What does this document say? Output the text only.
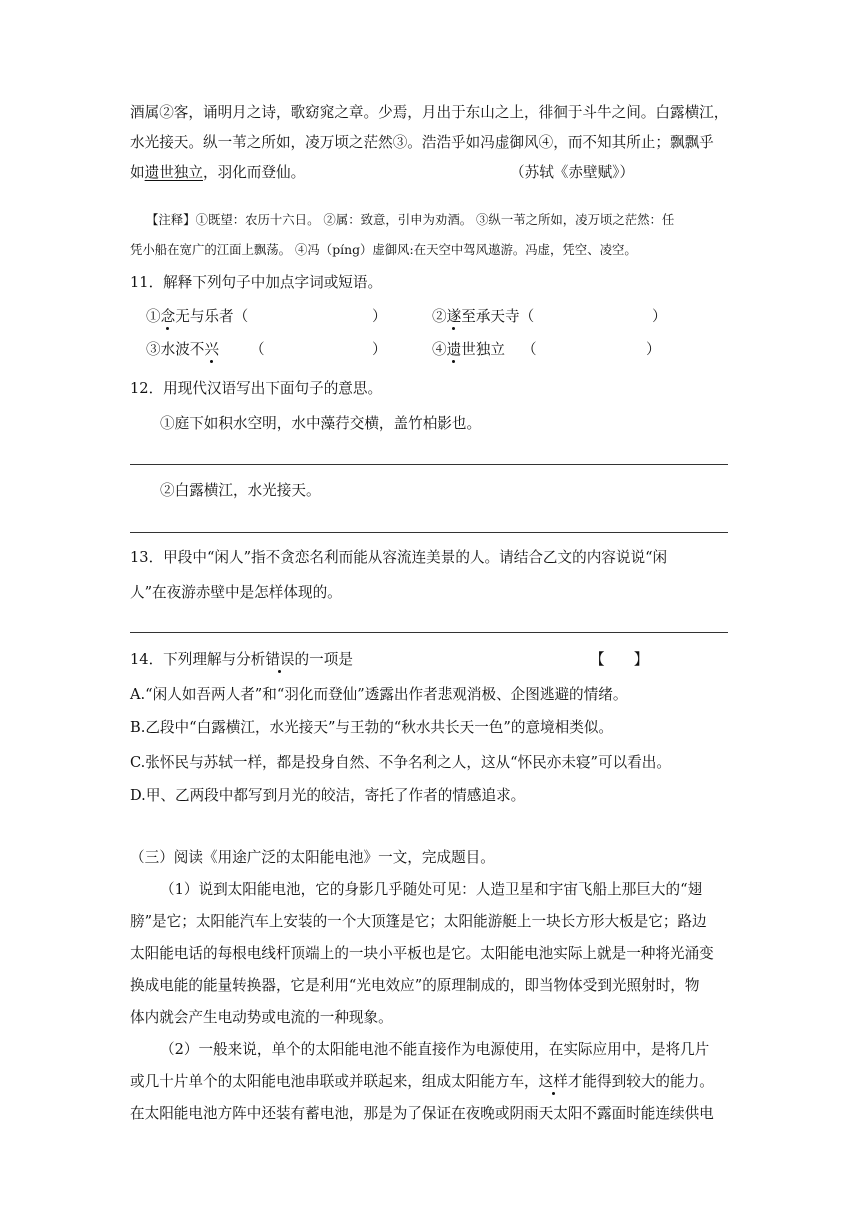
酒属②客，诵明月之诗，歌窈窕之章。少焉，月出于东山之上，徘徊于斗牛之间。白露横江，
水光接天。纵一苇之所如，凌万顷之茫然③。浩浩乎如冯虚御风④，而不知其所止；飘飘乎
如遗世独立，羽化而登仙。	（苏轼《赤壁赋》）
【注释】①既望：农历十六日。 ②属：致意，引申为劝酒。 ③纵一苇之所如，凌万顷之茫然：任
凭小船在宽广的江面上飘荡。 ④冯（píng）虚御风:在天空中驾风遨游。冯虚，凭空、凌空。
11．解释下列句子中加点字词或短语。
①念无与乐者（	）	②遂至承天寺（	）
③水波不兴 （	）	④遗世独立 （	）
12．用现代汉语写出下面句子的意思。
①庭下如积水空明，水中藻荇交横，盖竹柏影也。
②白露横江，水光接天。
13．甲段中“闲人”指不贪恋名利而能从容流连美景的人。请结合乙文的内容说说“闲
人”在夜游赤壁中是怎样体现的。
14．下列理解与分析错误的一项是	【　　】
A.“闲人如吾两人者”和“羽化而登仙”透露出作者悲观消极、企图逃避的情绪。
B.乙段中“白露横江，水光接天”与王勃的“秋水共长天一色”的意境相类似。
C.张怀民与苏轼一样，都是投身自然、不争名利之人，这从“怀民亦未寝”可以看出。
D.甲、乙两段中都写到月光的皎洁，寄托了作者的情感追求。
（三）阅读《用途广泛的太阳能电池》一文，完成题目。
（1）说到太阳能电池，它的身影几乎随处可见：人造卫星和宇宙飞船上那巨大的“翅
膀”是它；太阳能汽车上安装的一个大顶篷是它；太阳能游艇上一块长方形大板是它；路边
太阳能电话的每根电线杆顶端上的一块小平板也是它。太阳能电池实际上就是一种将光涌变
换成电能的能量转换器，它是利用“光电效应”的原理制成的，即当物体受到光照射时，物
体内就会产生电动势或电流的一种现象。
（2）一般来说，单个的太阳能电池不能直接作为电源使用，在实际应用中，是将几片
或几十片单个的太阳能电池串联或并联起来，组成太阳能方车，这样才能得到较大的能力。
在太阳能电池方阵中还装有蓄电池，那是为了保证在夜晚或阴雨天太阳不露面时能连续供电
